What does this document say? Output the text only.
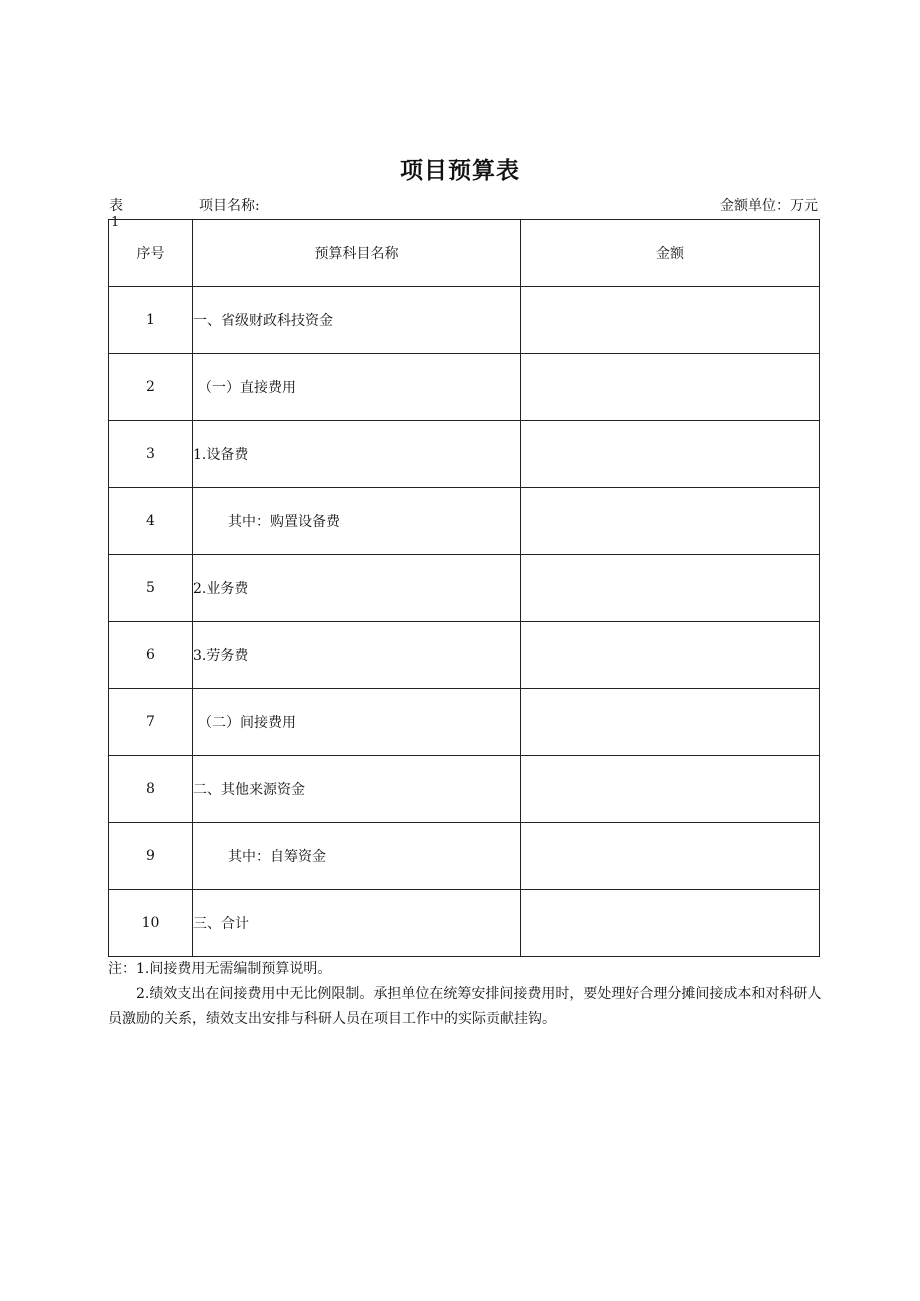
项目预算表
表
1
项目名称:	金额单位：万元
序号	预算科目名称	金额
1	一、省级财政科技资金	
2	（一）直接费用	
3	1.设备费	
4	其中：购置设备费	
5	2.业务费	
6	3.劳务费	
7	（二）间接费用	
8	二、其他来源资金	
9	其中：自筹资金	
10	三、合计	

注：1.间接费用无需编制预算说明。

2.绩效支出在间接费用中无比例限制。承担单位在统筹安排间接费用时，要处理好合理分摊间接成本和对科研人员激励的关系，绩效支出安排与科研人员在项目工作中的实际贡献挂钩。
